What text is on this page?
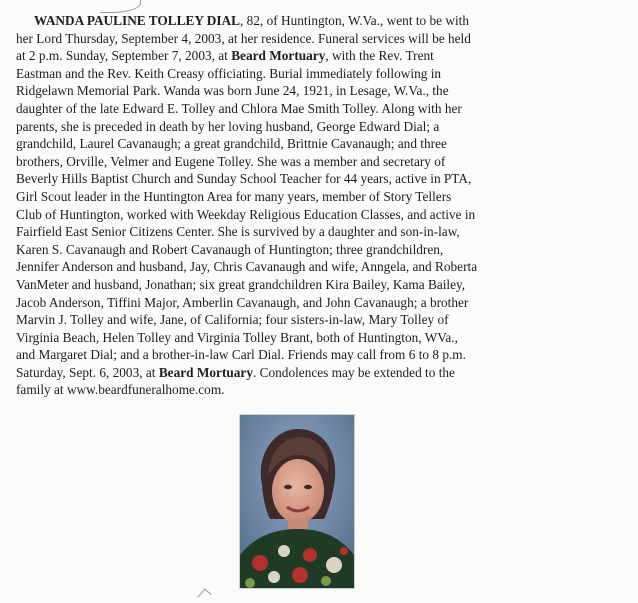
WANDA PAULINE TOLLEY DIAL, 82, of Huntington, W.Va., went to be with
her Lord Thursday, September 4, 2003, at her residence. Funeral services will be held
at 2 p.m. Sunday, September 7, 2003, at Beard Mortuary, with the Rev. Trent
Eastman and the Rev. Keith Creasy officiating. Burial immediately following in
Ridgelawn Memorial Park. Wanda was born June 24, 1921, in Lesage, W.Va., the
daughter of the late Edward E. Tolley and Chlora Mae Smith Tolley. Along with her
parents, she is preceded in death by her loving husband, George Edward Dial; a
grandchild, Laurel Cavanaugh; a great grandchild, Brittnie Cavanaugh; and three
brothers, Orville, Velmer and Eugene Tolley. She was a member and secretary of
Beverly Hills Baptist Church and Sunday School Teacher for 44 years, active in PTA,
Girl Scout leader in the Huntington Area for many years, member of Story Tellers
Club of Huntington, worked with Weekday Religious Education Classes, and active in
Fairfield East Senior Citizens Center. She is survived by a daughter and son-in-law,
Karen S. Cavanaugh and Robert Cavanaugh of Huntington; three grandchildren,
Jennifer Anderson and husband, Jay, Chris Cavanaugh and wife, Anngela, and Roberta
VanMeter and husband, Jonathan; six great grandchildren Kira Bailey, Kama Bailey,
Jacob Anderson, Tiffini Major, Amberlin Cavanaugh, and John Cavanaugh; a brother
Marvin J. Tolley and wife, Jane, of California; four sisters-in-law, Mary Tolley of
Virginia Beach, Helen Tolley and Virginia Tolley Brant, both of Huntington, WVa.,
and Margaret Dial; and a brother-in-law Carl Dial. Friends may call from 6 to 8 p.m.
Saturday, Sept. 6, 2003, at Beard Mortuary. Condolences may be extended to the
family at www.beardfuneralhome.com.
